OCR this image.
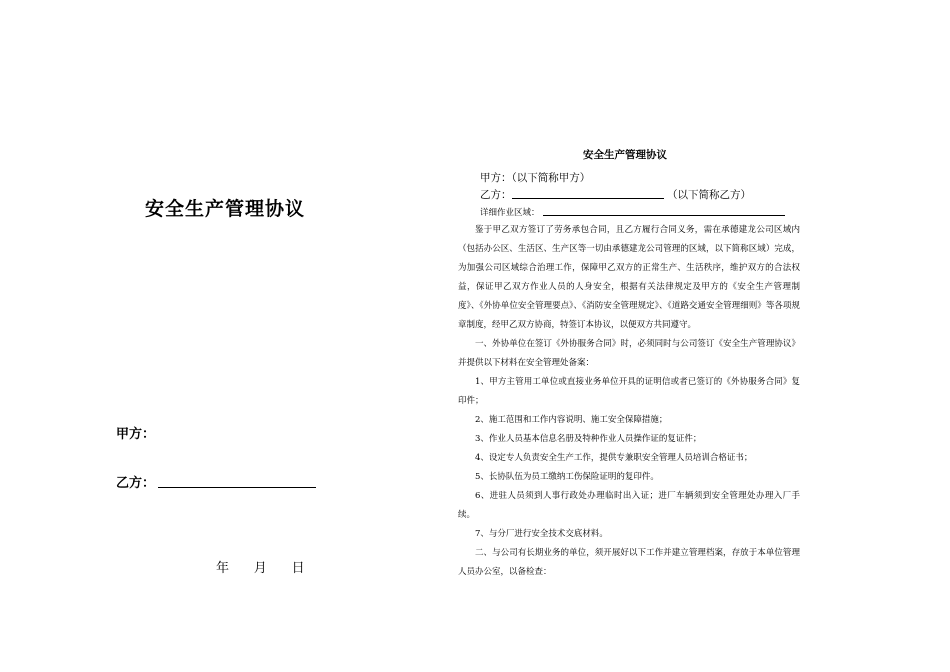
安全生产管理协议
甲方：
乙方：
年      月      日
安全生产管理协议
甲方：（以下简称甲方）
乙方：	（以下简称乙方）
详细作业区域：

鉴于甲乙双方签订了劳务承包合同，且乙方履行合同义务，需在承德建龙公司区域内（包括办公区、生活区、生产区等一切由承德建龙公司管理的区域，以下简称区域）完成，为加强公司区域综合治理工作，保障甲乙双方的正常生产、生活秩序，维护双方的合法权益，保证甲乙双方作业人员的人身安全，根据有关法律规定及甲方的《安全生产管理制度》、《外协单位安全管理要点》、《消防安全管理规定》、《道路交通安全管理细则》等各项规章制度，经甲乙双方协商，特签订本协议，以便双方共同遵守。

一、外协单位在签订《外协服务合同》时，必须同时与公司签订《安全生产管理协议》并提供以下材料在安全管理处备案：

1、甲方主管用工单位或直接业务单位开具的证明信或者已签订的《外协服务合同》复印件；

2、施工范围和工作内容说明、施工安全保障措施；

3、作业人员基本信息名册及特种作业人员操作证的复证件；

4、设定专人负责安全生产工作，提供专兼职安全管理人员培训合格证书；

5、长协队伍为员工缴纳工伤保险证明的复印件。

6、进驻人员须到人事行政处办理临时出入证；进厂车辆须到安全管理处办理入厂手续。

7、与分厂进行安全技术交底材料。

二、与公司有长期业务的单位，须开展好以下工作并建立管理档案，存放于本单位管理人员办公室，以备检查：
